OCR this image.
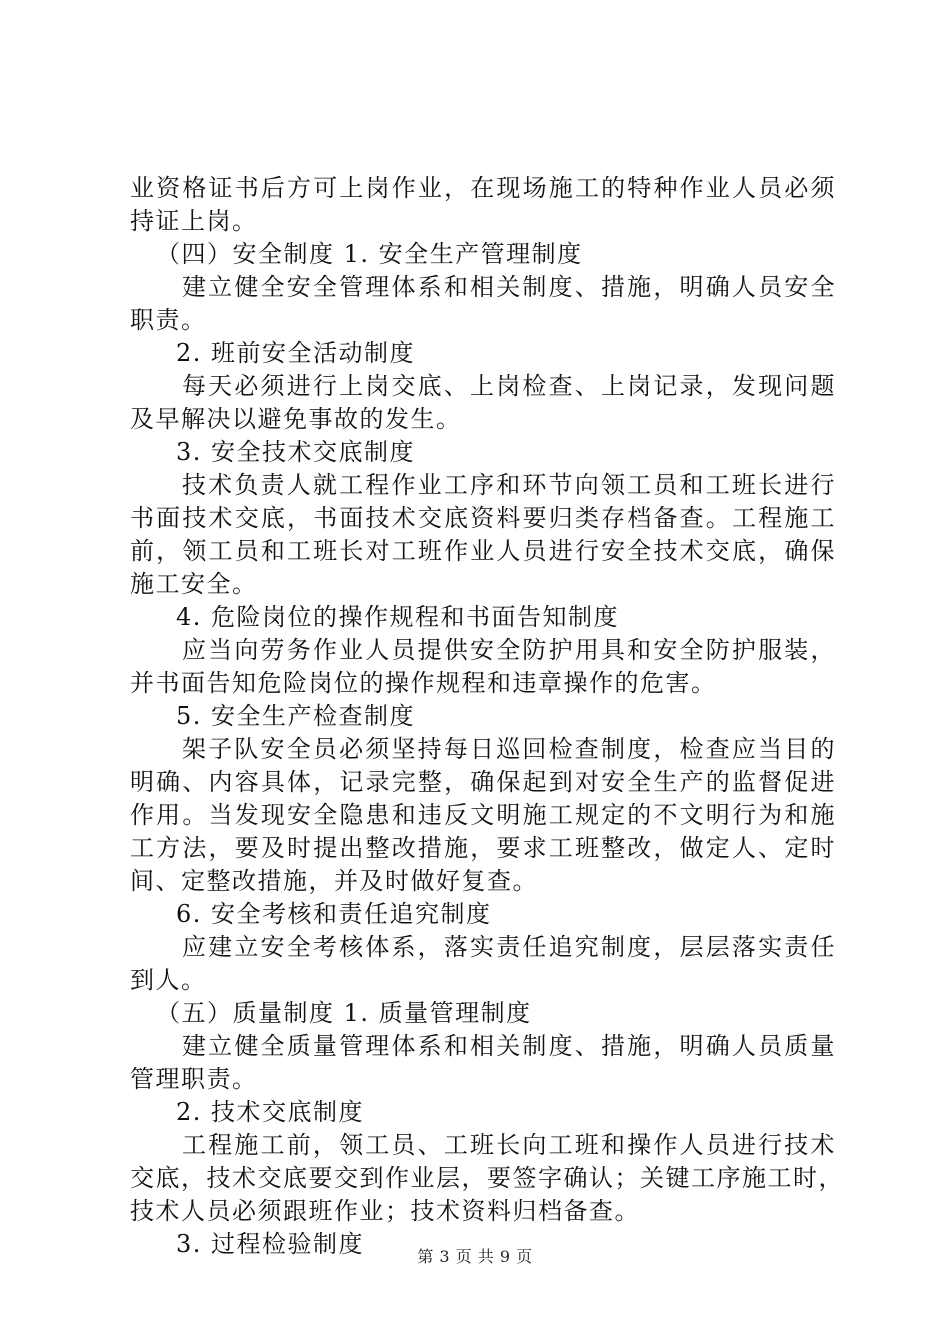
业资格证书后方可上岗作业，在现场施工的特种作业人员必须
持证上岗。
（四）安全制度 1. 安全生产管理制度
建立健全安全管理体系和相关制度、措施，明确人员安全
职责。
2. 班前安全活动制度
每天必须进行上岗交底、上岗检查、上岗记录，发现问题
及早解决以避免事故的发生。
3. 安全技术交底制度
技术负责人就工程作业工序和环节向领工员和工班长进行
书面技术交底，书面技术交底资料要归类存档备查。工程施工
前，领工员和工班长对工班作业人员进行安全技术交底，确保
施工安全。
4. 危险岗位的操作规程和书面告知制度
应当向劳务作业人员提供安全防护用具和安全防护服装，
并书面告知危险岗位的操作规程和违章操作的危害。
5. 安全生产检查制度
架子队安全员必须坚持每日巡回检查制度，检查应当目的
明确、内容具体，记录完整，确保起到对安全生产的监督促进
作用。当发现安全隐患和违反文明施工规定的不文明行为和施
工方法，要及时提出整改措施，要求工班整改，做定人、定时
间、定整改措施，并及时做好复查。
6. 安全考核和责任追究制度
应建立安全考核体系，落实责任追究制度，层层落实责任
到人。
（五）质量制度 1. 质量管理制度
建立健全质量管理体系和相关制度、措施，明确人员质量
管理职责。
2. 技术交底制度
工程施工前，领工员、工班长向工班和操作人员进行技术
交底，技术交底要交到作业层，要签字确认；关键工序施工时，
技术人员必须跟班作业；技术资料归档备查。
3. 过程检验制度	第 3 页 共 9 页
